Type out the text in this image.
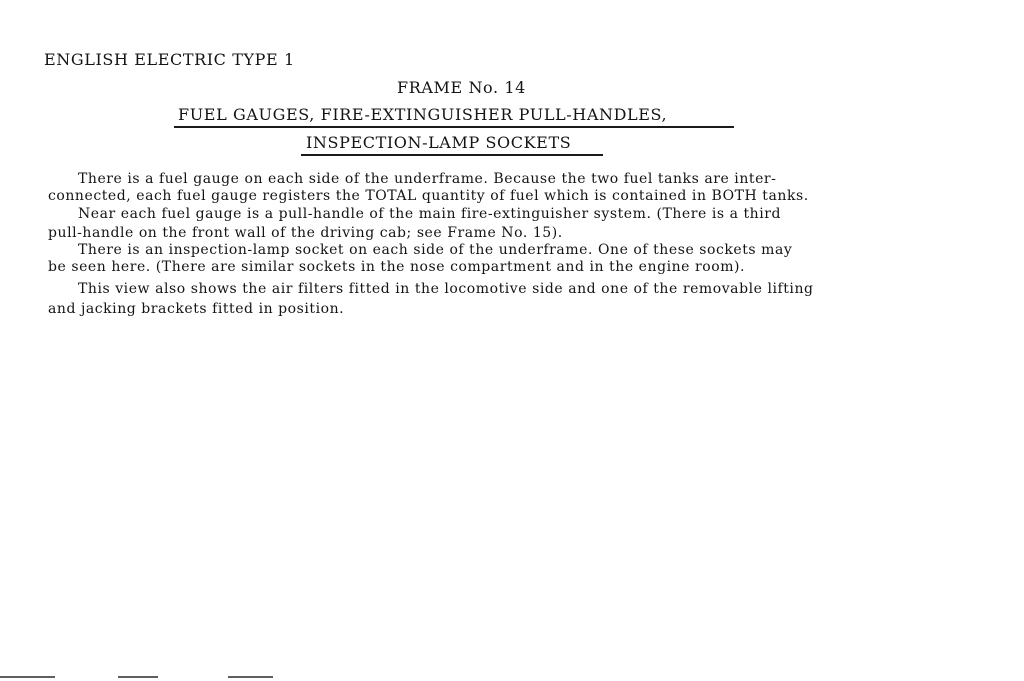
ENGLISH ELECTRIC TYPE 1
FRAME No. 14
FUEL GAUGES, FIRE-EXTINGUISHER PULL-HANDLES,
INSPECTION-LAMP SOCKETS
There is a fuel gauge on each side of the underframe. Because the two fuel tanks are inter-
connected, each fuel gauge registers the TOTAL quantity of fuel which is contained in BOTH tanks.
Near each fuel gauge is a pull-handle of the main fire-extinguisher system. (There is a third
pull-handle on the front wall of the driving cab; see Frame No. 15).
There is an inspection-lamp socket on each side of the underframe. One of these sockets may
be seen here. (There are similar sockets in the nose compartment and in the engine room).
This view also shows the air filters fitted in the locomotive side and one of the removable lifting
and jacking brackets fitted in position.
